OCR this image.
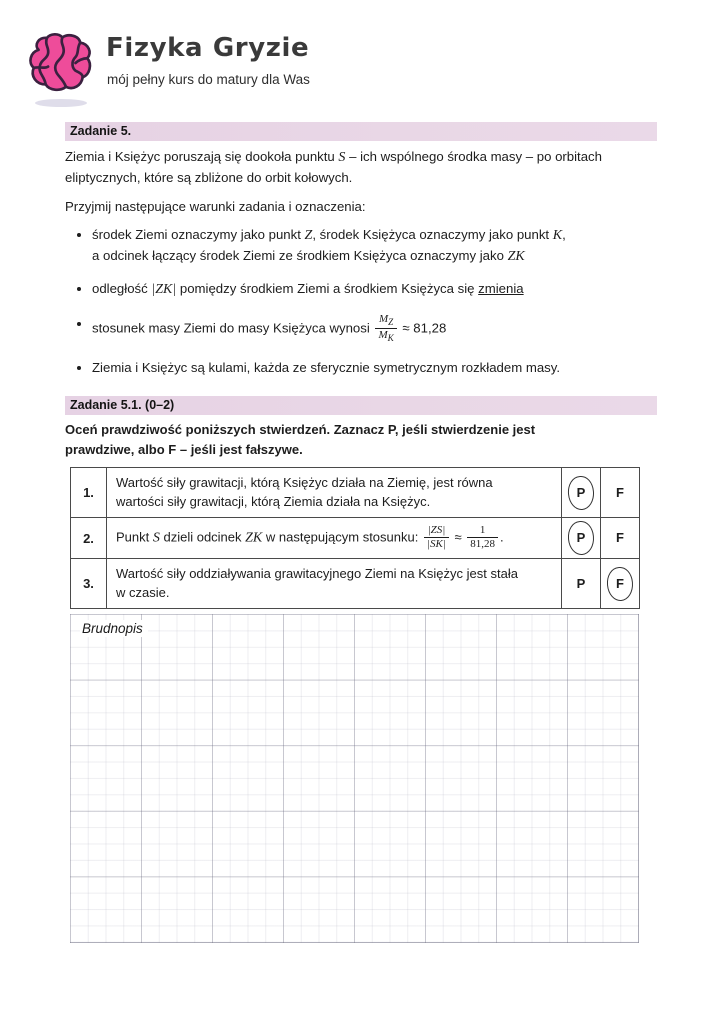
Fizyka Gryzie
mój pełny kurs do matury dla Was
Zadanie 5.
Ziemia i Księżyc poruszają się dookoła punktu S – ich wspólnego środka masy – po orbitach eliptycznych, które są zbliżone do orbit kołowych.
Przyjmij następujące warunki zadania i oznaczenia:
środek Ziemi oznaczymy jako punkt Z, środek Księżyca oznaczymy jako punkt K,
a odcinek łączący środek Ziemi ze środkiem Księżyca oznaczymy jako ZK
odległość |ZK| pomiędzy środkiem Ziemi a środkiem Księżyca się zmienia
stosunek masy Ziemi do masy Księżyca wynosi $\frac{M_Z}{M_K} \approx 81,28$
Ziemia i Księżyc są kulami, każda ze sferycznie symetrycznym rozkładem masy.
Zadanie 5.1. (0–2)
Oceń prawdziwość poniższych stwierdzeń. Zaznacz P, jeśli stwierdzenie jest
prawdziwe, albo F – jeśli jest fałszywe.
1.	Wartość siły grawitacji, którą Księżyc działa na Ziemię, jest równa
wartości siły grawitacji, którą Ziemia działa na Księżyc.	P	F
2.	Punkt S dzieli odcinek ZK w następującym stosunku: $\frac{|ZS|}{|SK|} \approx \frac{1}{81,28}$ .	P	F
3.	Wartość siły oddziaływania grawitacyjnego Ziemi na Księżyc jest stała
w czasie.	P	F
Brudnopis
